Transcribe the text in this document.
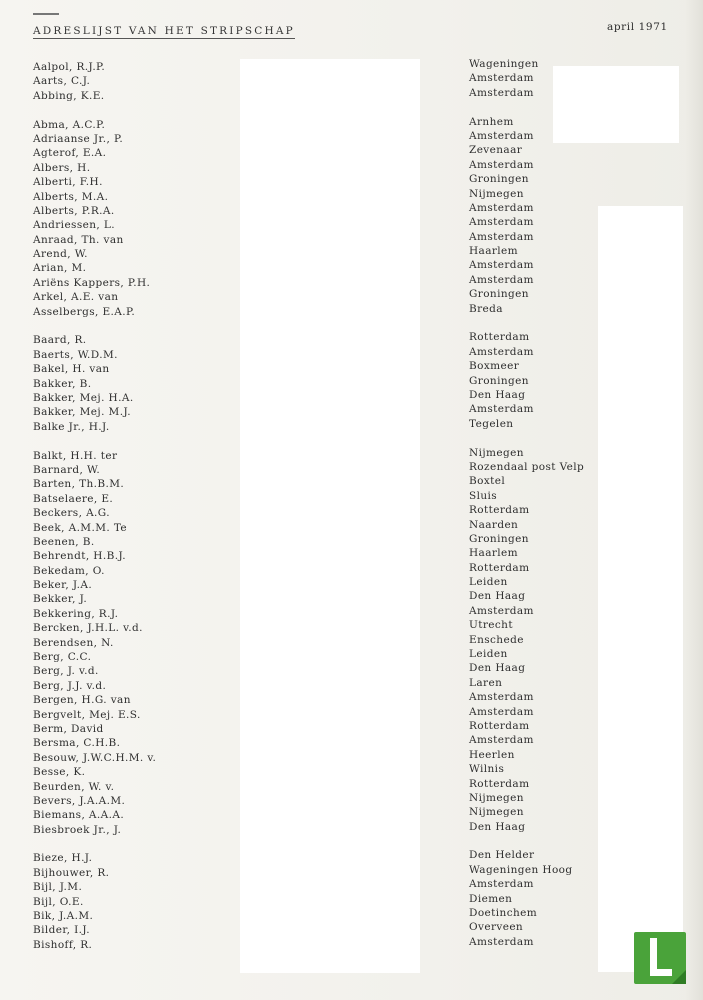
ADRESLIJST VAN HET STRIPSCHAP	april 1971
Aalpol, R.J.P.
Aarts, C.J.
Abbing, K.E.
Abma, A.C.P.
Adriaanse Jr., P.
Agterof, E.A.
Albers, H.
Alberti, F.H.
Alberts, M.A.
Alberts, P.R.A.
Andriessen, L.
Anraad, Th. van
Arend, W.
Arian, M.
Ariëns Kappers, P.H.
Arkel, A.E. van
Asselbergs, E.A.P.
Baard, R.
Baerts, W.D.M.
Bakel, H. van
Bakker, B.
Bakker, Mej. H.A.
Bakker, Mej. M.J.
Balke Jr., H.J.
Balkt, H.H. ter
Barnard, W.
Barten, Th.B.M.
Batselaere, E.
Beckers, A.G.
Beek, A.M.M. Te
Beenen, B.
Behrendt, H.B.J.
Bekedam, O.
Beker, J.A.
Bekker, J.
Bekkering, R.J.
Bercken, J.H.L. v.d.
Berendsen, N.
Berg, C.C.
Berg, J. v.d.
Berg, J.J. v.d.
Bergen, H.G. van
Bergvelt, Mej. E.S.
Berm, David
Bersma, C.H.B.
Besouw, J.W.C.H.M. v.
Besse, K.
Beurden, W. v.
Bevers, J.A.A.M.
Biemans, A.A.A.
Biesbroek Jr., J.
Bieze, H.J.
Bijhouwer, R.
Bijl, J.M.
Bijl, O.E.
Bik, J.A.M.
Bilder, I.J.
Bishoff, R.
Wageningen
Amsterdam
Amsterdam
Arnhem
Amsterdam
Zevenaar
Amsterdam
Groningen
Nijmegen
Amsterdam
Amsterdam
Amsterdam
Haarlem
Amsterdam
Amsterdam
Groningen
Breda
Rotterdam
Amsterdam
Boxmeer
Groningen
Den Haag
Amsterdam
Tegelen
Nijmegen
Rozendaal post Velp
Boxtel
Sluis
Rotterdam
Naarden
Groningen
Haarlem
Rotterdam
Leiden
Den Haag
Amsterdam
Utrecht
Enschede
Leiden
Den Haag
Laren
Amsterdam
Amsterdam
Rotterdam
Amsterdam
Heerlen
Wilnis
Rotterdam
Nijmegen
Nijmegen
Den Haag
Den Helder
Wageningen Hoog
Amsterdam
Diemen
Doetinchem
Overveen
Amsterdam
